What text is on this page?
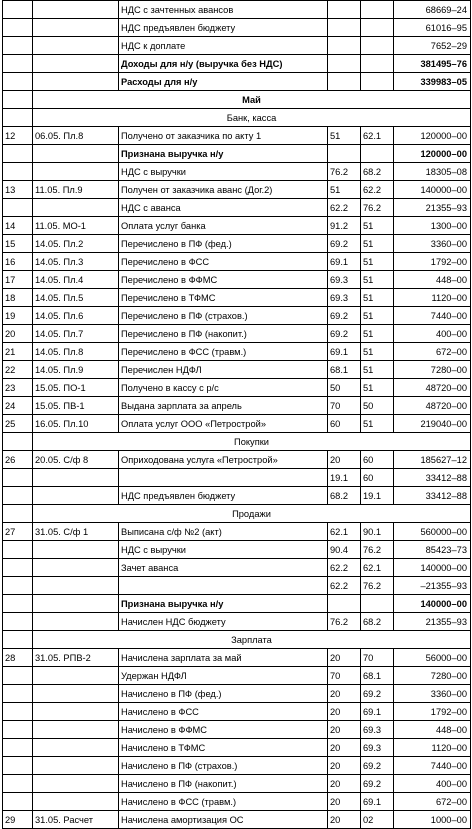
		НДС с зачтенных авансов			68669–24
		НДС предъявлен бюджету			61016–95
		НДС к доплате			7652–29
		Доходы для н/у (выручка без НДС)			381495–76
		Расходы для н/у			339983–05
	Май				
	Банк, касса				
12	06.05. Пл.8	Получено от заказчика по акту 1	51	62.1	120000–00
		Признана выручка н/у			120000–00
		НДС с выручки	76.2	68.2	18305–08
13	11.05. Пл.9	Получен от заказчика аванс (Дог.2)	51	62.2	140000–00
		НДС с аванса	62.2	76.2	21355–93
14	11.05. МО-1	Оплата услуг банка	91.2	51	1300–00
15	14.05. Пл.2	Перечислено в ПФ (фед.)	69.2	51	3360–00
16	14.05. Пл.3	Перечислено в ФСС	69.1	51	1792–00
17	14.05. Пл.4	Перечислено в ФФМС	69.3	51	448–00
18	14.05. Пл.5	Перечислено в ТФМС	69.3	51	1120–00
19	14.05. Пл.6	Перечислено в ПФ (страхов.)	69.2	51	7440–00
20	14.05. Пл.7	Перечислено в ПФ (накопит.)	69.2	51	400–00
21	14.05. Пл.8	Перечислено в ФСС (травм.)	69.1	51	672–00
22	14.05. Пл.9	Перечислен НДФЛ	68.1	51	7280–00
23	15.05. ПО-1	Получено в кассу с р/с	50	51	48720–00
24	15.05. ПВ-1	Выдана зарплата за апрель	70	50	48720–00
25	16.05. Пл.10	Оплата услуг ООО «Петрострой»	60	51	219040–00
	Покупки				
26	20.05. С/ф 8	Оприходована услуга «Петрострой»	20	60	185627–12
			19.1	60	33412–88
		НДС предъявлен бюджету	68.2	19.1	33412–88
	Продажи				
27	31.05. С/ф 1	Выписана с/ф №2 (акт)	62.1	90.1	560000–00
		НДС с выручки	90.4	76.2	85423–73
		Зачет аванса	62.2	62.1	140000–00
			62.2	76.2	–21355–93
		Признана выручка н/у			140000–00
		Начислен НДС бюджету	76.2	68.2	21355–93
	Зарплата				
28	31.05. РПВ-2	Начислена зарплата за май	20	70	56000–00
		Удержан НДФЛ	70	68.1	7280–00
		Начислено в ПФ (фед.)	20	69.2	3360–00
		Начислено в ФСС	20	69.1	1792–00
		Начислено в ФФМС	20	69.3	448–00
		Начислено в ТФМС	20	69.3	1120–00
		Начислено в ПФ (страхов.)	20	69.2	7440–00
		Начислено в ПФ (накопит.)	20	69.2	400–00
		Начислено в ФСС (травм.)	20	69.1	672–00
29	31.05. Расчет	Начислена амортизация ОС	20	02	1000–00
